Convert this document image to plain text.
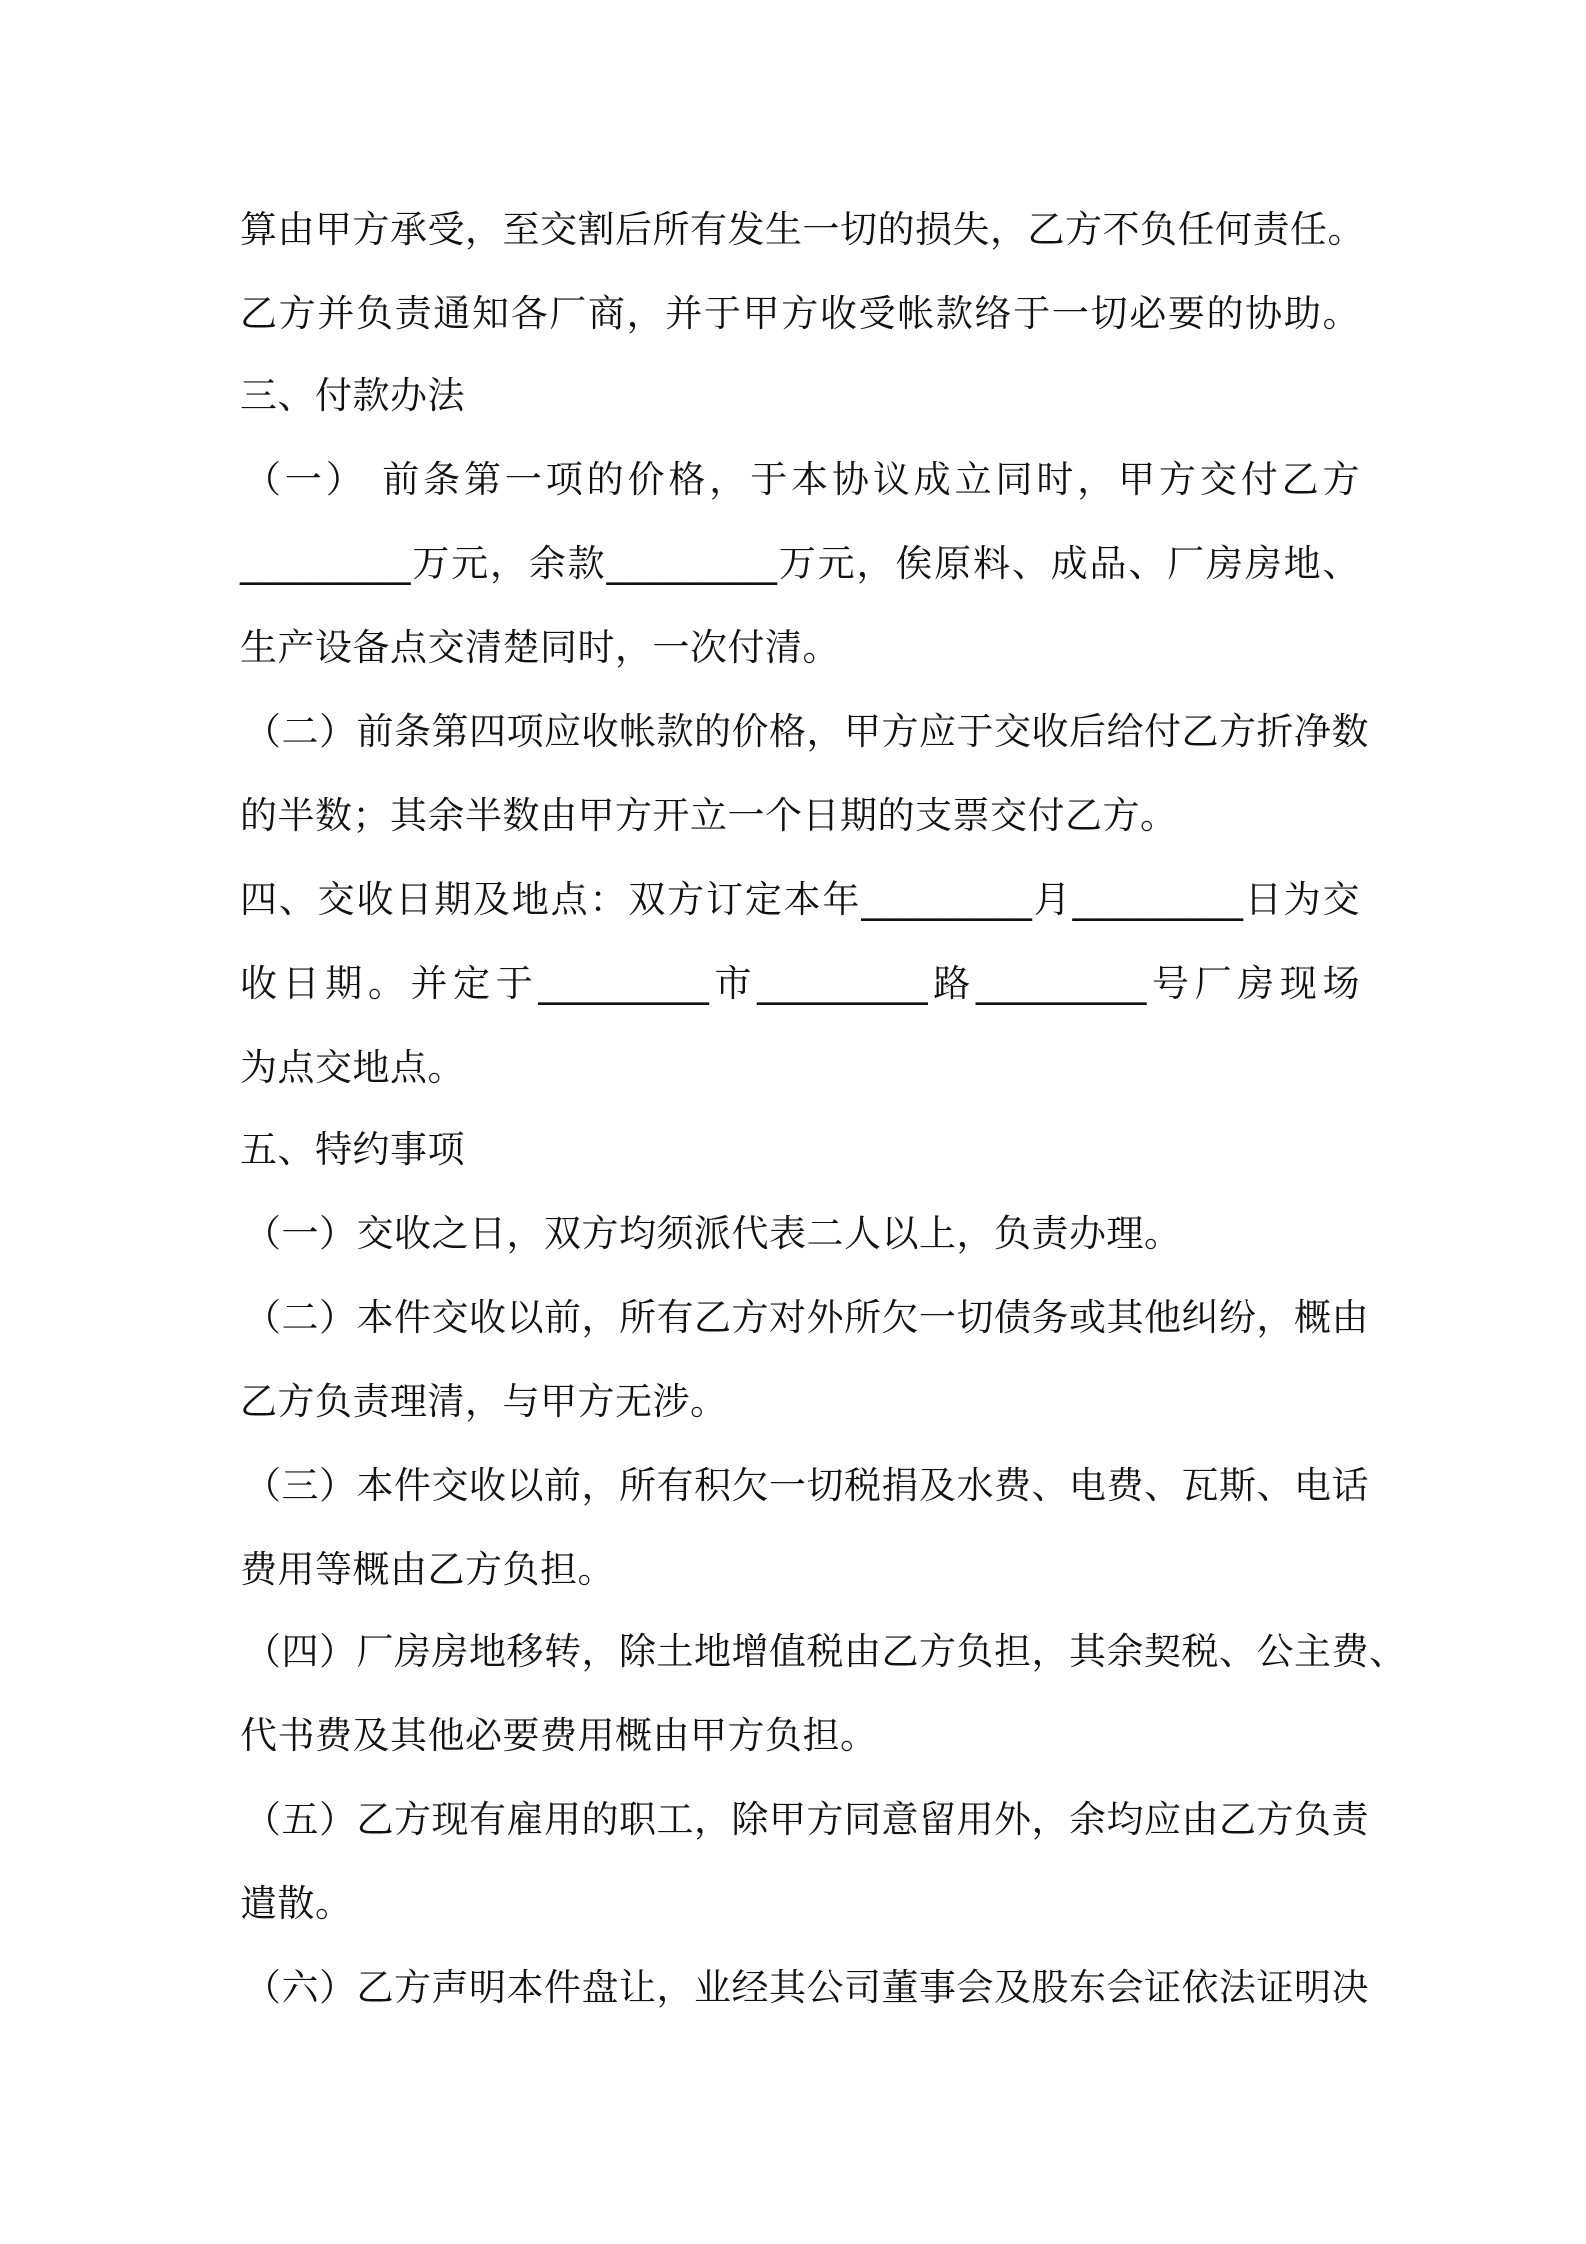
算由甲方承受，至交割后所有发生一切的损失，乙方不负任何责任。
乙方并负责通知各厂商，并于甲方收受帐款络于一切必要的协助。
三、付款办法
（一） 前条第一项的价格，于本协议成立同时，甲方交付乙方
_________万元，余款_________万元，俟原料、成品、厂房房地、
生产设备点交清楚同时，一次付清。
（二）前条第四项应收帐款的价格，甲方应于交收后给付乙方折净数
的半数；其余半数由甲方开立一个日期的支票交付乙方。
四、交收日期及地点：双方订定本年_________月_________日为交
收日期。并定于_________市_________路_________号厂房现场
为点交地点。
五、特约事项
（一）交收之日，双方均须派代表二人以上，负责办理。
（二）本件交收以前，所有乙方对外所欠一切债务或其他纠纷，概由
乙方负责理清，与甲方无涉。
（三）本件交收以前，所有积欠一切税捐及水费、电费、瓦斯、电话
费用等概由乙方负担。
（四）厂房房地移转，除土地增值税由乙方负担，其余契税、公主费、
代书费及其他必要费用概由甲方负担。
（五）乙方现有雇用的职工，除甲方同意留用外，余均应由乙方负责
遣散。
（六）乙方声明本件盘让，业经其公司董事会及股东会证依法证明决
